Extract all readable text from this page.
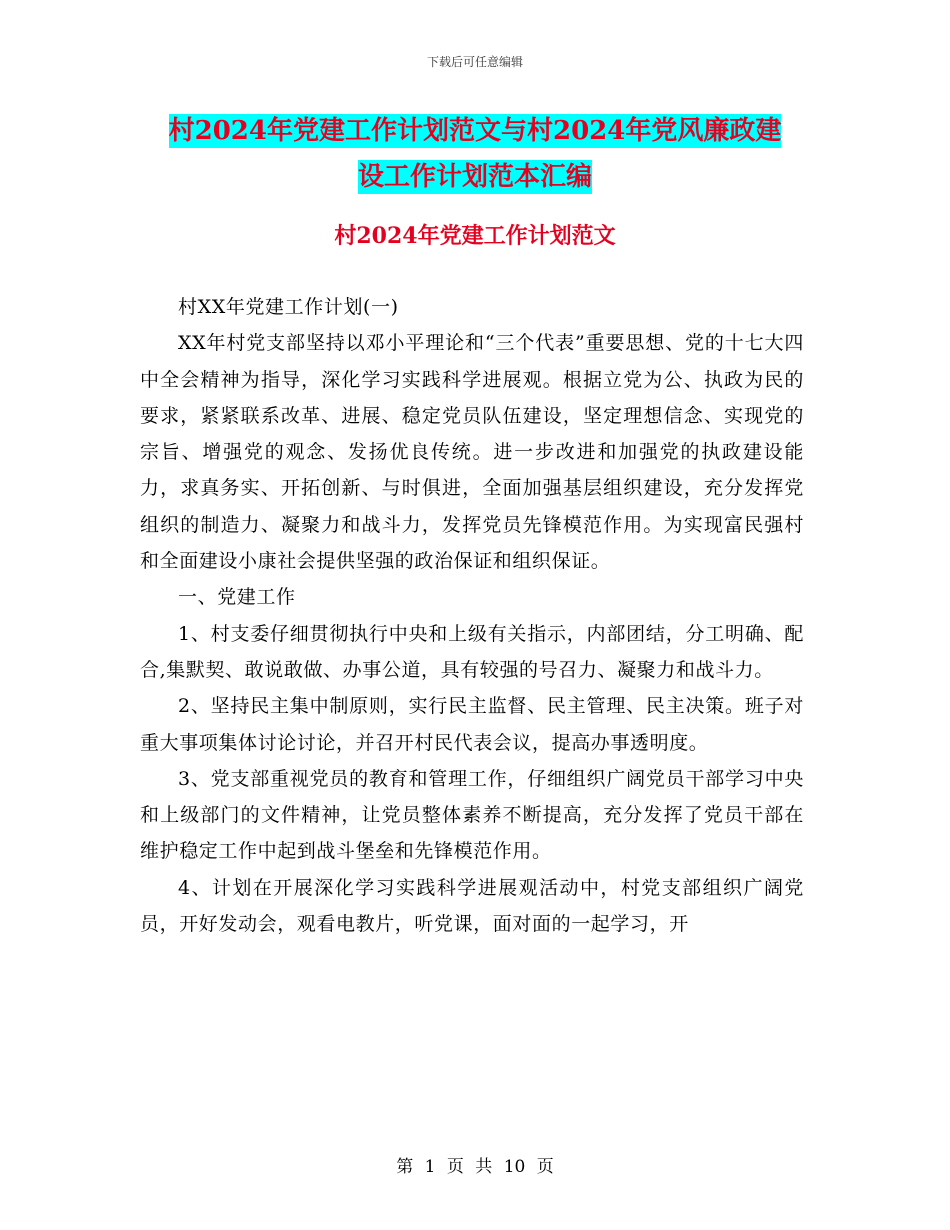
下载后可任意编辑
村2024年党建工作计划范文与村2024年党风廉政建
设工作计划范本汇编
村2024年党建工作计划范文

村XX年党建工作计划(一)

XX年村党支部坚持以邓小平理论和“三个代表”重要思想、党的十七大四中全会精神为指导，深化学习实践科学进展观。根据立党为公、执政为民的要求，紧紧联系改革、进展、稳定党员队伍建设，坚定理想信念、实现党的宗旨、增强党的观念、发扬优良传统。进一步改进和加强党的执政建设能力，求真务实、开拓创新、与时俱进，全面加强基层组织建设，充分发挥党组织的制造力、凝聚力和战斗力，发挥党员先锋模范作用。为实现富民强村和全面建设小康社会提供坚强的政治保证和组织保证。

一、党建工作

1、村支委仔细贯彻执行中央和上级有关指示，内部团结，分工明确、配合,集默契、敢说敢做、办事公道，具有较强的号召力、凝聚力和战斗力。

2、坚持民主集中制原则，实行民主监督、民主管理、民主决策。班子对重大事项集体讨论讨论，并召开村民代表会议，提高办事透明度。

3、党支部重视党员的教育和管理工作，仔细组织广阔党员干部学习中央和上级部门的文件精神，让党员整体素养不断提高，充分发挥了党员干部在维护稳定工作中起到战斗堡垒和先锋模范作用。

4、计划在开展深化学习实践科学进展观活动中，村党支部组织广阔党员，开好发动会，观看电教片，听党课，面对面的一起学习，开

第 1 页 共 10 页
